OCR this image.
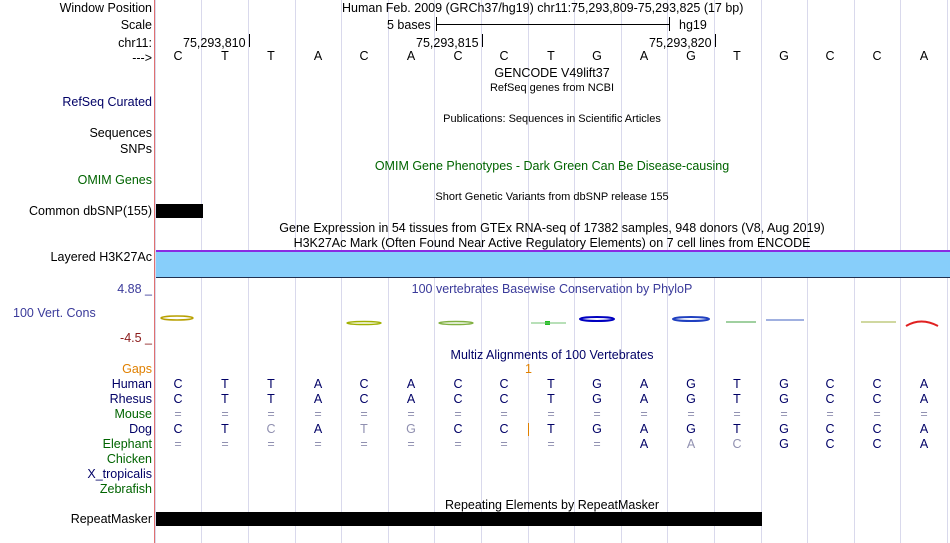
Window Position	Human Feb. 2009 (GRCh37/hg19) chr11:75,293,809-75,293,825 (17 bp)
Scale	5 bases	hg19
chr11: 75,293,810	75,293,815	75,293,820
--->	C	T	T	A	C	A	C	C	T	G	A	G	T	G	C	C	A
GENCODE V49lift37
RefSeq genes from NCBI
RefSeq Curated
Publications: Sequences in Scientific Articles
Sequences
SNPs
OMIM Gene Phenotypes - Dark Green Can Be Disease-causing
OMIM Genes
Short Genetic Variants from dbSNP release 155
Common dbSNP(155)
Gene Expression in 54 tissues from GTEx RNA-seq of 17382 samples, 948 donors (V8, Aug 2019)
H3K27Ac Mark (Often Found Near Active Regulatory Elements) on 7 cell lines from ENCODE
Layered H3K27Ac
4.88 _	100 vertebrates Basewise Conservation by PhyloP
100 Vert. Cons
-4.5 _
Multiz Alignments of 100 Vertebrates
Gaps	1
Human	C	T	T	A	C	A	C	C	T	G	A	G	T	G	C	C	A
Rhesus	C	T	T	A	C	A	C	C	T	G	A	G	T	G	C	C	A
Mouse	=	=	=	=	=	=	=	=	=	=	=	=	=	=	=	=	=
Dog	C	T	C	A	T	G	C	C	T	G	A	G	T	G	C	C	A
Elephant	=	=	=	=	=	=	=	=	=	=	A	A	C	G	C	C	A
Chicken
X_tropicalis
Zebrafish
Repeating Elements by RepeatMasker
RepeatMasker
